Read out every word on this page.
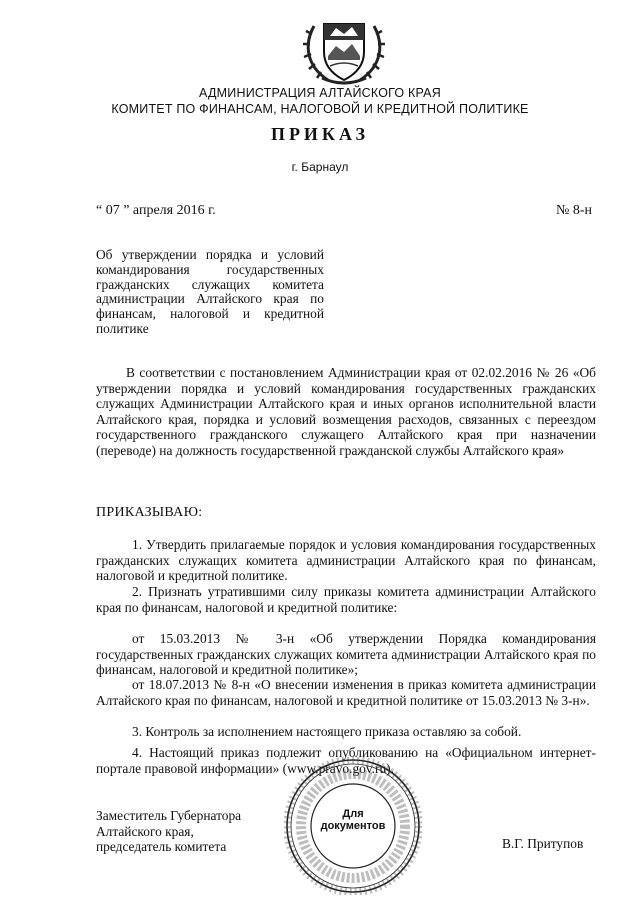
АДМИНИСТРАЦИЯ АЛТАЙСКОГО КРАЯ
КОМИТЕТ ПО ФИНАНСАМ, НАЛОГОВОЙ И КРЕДИТНОЙ ПОЛИТИКЕ
ПРИКАЗ
г. Барнаул
“ 07 ” апреля 2016 г.	№ 8-н
Об утверждении порядка и условий командирования государственных гражданских служащих комитета администрации Алтайского края по финансам, налоговой и кредитной политике
В соответствии с постановлением Администрации края от 02.02.2016 № 26 «Об утверждении порядка и условий командирования государственных гражданских служащих Администрации Алтайского края и иных органов исполнительной власти Алтайского края, порядка и условий возмещения расходов, связанных с переездом государственного гражданского служащего Алтайского края при назначении (переводе) на должность государственной гражданской службы Алтайского края»
ПРИКАЗЫВАЮ:
1. Утвердить прилагаемые порядок и условия командирования государственных гражданских служащих комитета администрации Алтайского края по финансам, налоговой и кредитной политике.
2. Признать утратившими силу приказы комитета администрации Алтайского края по финансам, налоговой и кредитной политике:
от 15.03.2013 № 3-н «Об утверждении Порядка командирования государственных гражданских служащих комитета администрации Алтайского края по финансам, налоговой и кредитной политике»;
от 18.07.2013 № 8-н «О внесении изменения в приказ комитета администрации Алтайского края по финансам, налоговой и кредитной политике от 15.03.2013 № 3-н».
3. Контроль за исполнением настоящего приказа оставляю за собой.
4. Настоящий приказ подлежит опубликованию на «Официальном интернет-портале правовой информации» (www.pravo.gov.ru).
Заместитель Губернатора
Алтайского края,
председатель комитета	В.Г. Притупов
Для
документов
